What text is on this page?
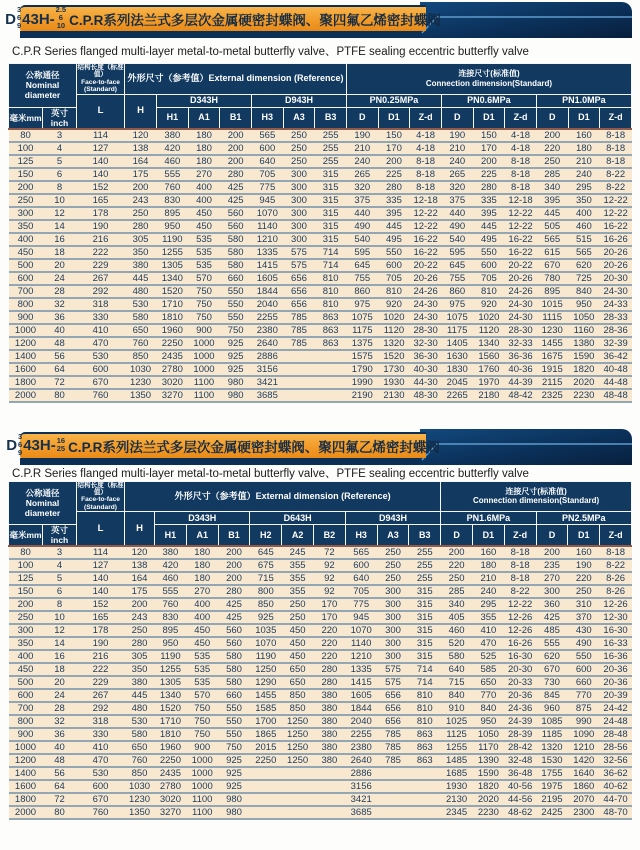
D
3
6
9 43H-
2.5
6
10 C.P.R系列法兰式多层次金属硬密封蝶阀、聚四氟乙烯密封蝶阀
C.P.R Series flanged multi-layer metal-to-metal butterfly valve、PTFE sealing eccentric butterfly valve
公称通径
Nominal diameter		结构长度（标准值）
Face-to-face
(Standard)	外形尺寸（参考值）External dimension (Reference)							连接尺寸(标准值)
Connection dimension(Standard)								
		L	H	D343H			D943H			PN0.25MPa			PN0.6MPa			PN1.0MPa		
毫米mm	英寸inch			H1	A1	B1	H3	A3	B3	D	D1	Z-d	D	D1	Z-d	D	D1	Z-d
80	3	114	120	380	180	200	565	250	255	190	150	4-18	190	150	4-18	200	160	8-18
100	4	127	138	420	180	200	600	250	255	210	170	4-18	210	170	4-18	220	180	8-18
125	5	140	164	460	180	200	640	250	255	240	200	8-18	240	200	8-18	250	210	8-18
150	6	140	175	555	270	280	705	300	315	265	225	8-18	265	225	8-18	285	240	8-22
200	8	152	200	760	400	425	775	300	315	320	280	8-18	320	280	8-18	340	295	8-22
250	10	165	243	830	400	425	945	300	315	375	335	12-18	375	335	12-18	395	350	12-22
300	12	178	250	895	450	560	1070	300	315	440	395	12-22	440	395	12-22	445	400	12-22
350	14	190	280	950	450	560	1140	300	315	490	445	12-22	490	445	12-22	505	460	16-22
400	16	216	305	1190	535	580	1210	300	315	540	495	16-22	540	495	16-22	565	515	16-26
450	18	222	350	1255	535	580	1335	575	714	595	550	16-22	595	550	16-22	615	565	20-26
500	20	229	380	1305	535	580	1415	575	714	645	600	20-22	645	600	20-22	670	620	20-26
600	24	267	445	1340	570	660	1605	656	810	755	705	20-26	755	705	20-26	780	725	20-30
700	28	292	480	1520	750	550	1844	656	810	860	810	24-26	860	810	24-26	895	840	24-30
800	32	318	530	1710	750	550	2040	656	810	975	920	24-30	975	920	24-30	1015	950	24-33
900	36	330	580	1810	750	550	2255	785	863	1075	1020	24-30	1075	1020	24-30	1115	1050	28-33
1000	40	410	650	1960	900	750	2380	785	863	1175	1120	28-30	1175	1120	28-30	1230	1160	28-36
1200	48	470	760	2250	1000	925	2640	785	863	1375	1320	32-30	1405	1340	32-33	1455	1380	32-39
1400	56	530	850	2435	1000	925	2886			1575	1520	36-30	1630	1560	36-36	1675	1590	36-42
1600	64	600	1030	2780	1000	925	3156			1790	1730	40-30	1830	1760	40-36	1915	1820	40-48
1800	72	670	1230	3020	1100	980	3421			1990	1930	44-30	2045	1970	44-39	2115	2020	44-48
2000	80	760	1350	3270	1100	980	3685			2190	2130	48-30	2265	2180	48-42	2325	2230	48-48
D
3
6
9 43H- 16
25 C.P.R系列法兰式多层次金属硬密封蝶阀、聚四氟乙烯密封蝶阀
C.P.R Series flanged multi-layer metal-to-metal butterfly valve、PTFE sealing eccentric butterfly valve
公称通径
Nominal diameter		结构长度（标准值）
Face-to-face
(Standard)	外形尺寸（参考值）External dimension (Reference)										连接尺寸(标准值)
Connection dimension(Standard)					
		L	H	D343H			D643H			D943H			PN1.6MPa			PN2.5MPa		
毫米mm	英寸inch			H1	A1	B1	H2	A2	B2	H3	A3	B3	D	D1	Z-d	D	D1	Z-d
80	3	114	120	380	180	200	645	245	72	565	250	255	200	160	8-18	200	160	8-18
100	4	127	138	420	180	200	675	355	92	600	250	255	220	180	8-18	235	190	8-22
125	5	140	164	460	180	200	715	355	92	640	250	255	250	210	8-18	270	220	8-26
150	6	140	175	555	270	280	800	355	92	705	300	315	285	240	8-22	300	250	8-26
200	8	152	200	760	400	425	850	250	170	775	300	315	340	295	12-22	360	310	12-26
250	10	165	243	830	400	425	925	250	170	945	300	315	405	355	12-26	425	370	12-30
300	12	178	250	895	450	560	1035	450	220	1070	300	315	460	410	12-26	485	430	16-30
350	14	190	280	950	450	560	1070	450	220	1140	300	315	520	470	16-26	555	490	16-33
400	16	216	305	1190	535	580	1190	450	220	1210	300	315	580	525	16-30	620	550	16-36
450	18	222	350	1255	535	580	1250	650	280	1335	575	714	640	585	20-30	670	600	20-36
500	20	229	380	1305	535	580	1290	650	280	1415	575	714	715	650	20-33	730	660	20-36
600	24	267	445	1340	570	660	1455	850	380	1605	656	810	840	770	20-36	845	770	20-39
700	28	292	480	1520	750	550	1585	850	380	1844	656	810	910	840	24-36	960	875	24-42
800	32	318	530	1710	750	550	1700	1250	380	2040	656	810	1025	950	24-39	1085	990	24-48
900	36	330	580	1810	750	550	1865	1250	380	2255	785	863	1125	1050	28-39	1185	1090	28-48
1000	40	410	650	1960	900	750	2015	1250	380	2380	785	863	1255	1170	28-42	1320	1210	28-56
1200	48	470	760	2250	1000	925	2250	1250	380	2640	785	863	1485	1390	32-48	1530	1420	32-56
1400	56	530	850	2435	1000	925				2886			1685	1590	36-48	1755	1640	36-62
1600	64	600	1030	2780	1000	925				3156			1930	1820	40-56	1975	1860	40-62
1800	72	670	1230	3020	1100	980				3421			2130	2020	44-56	2195	2070	44-70
2000	80	760	1350	3270	1100	980				3685			2345	2230	48-62	2425	2300	48-70
